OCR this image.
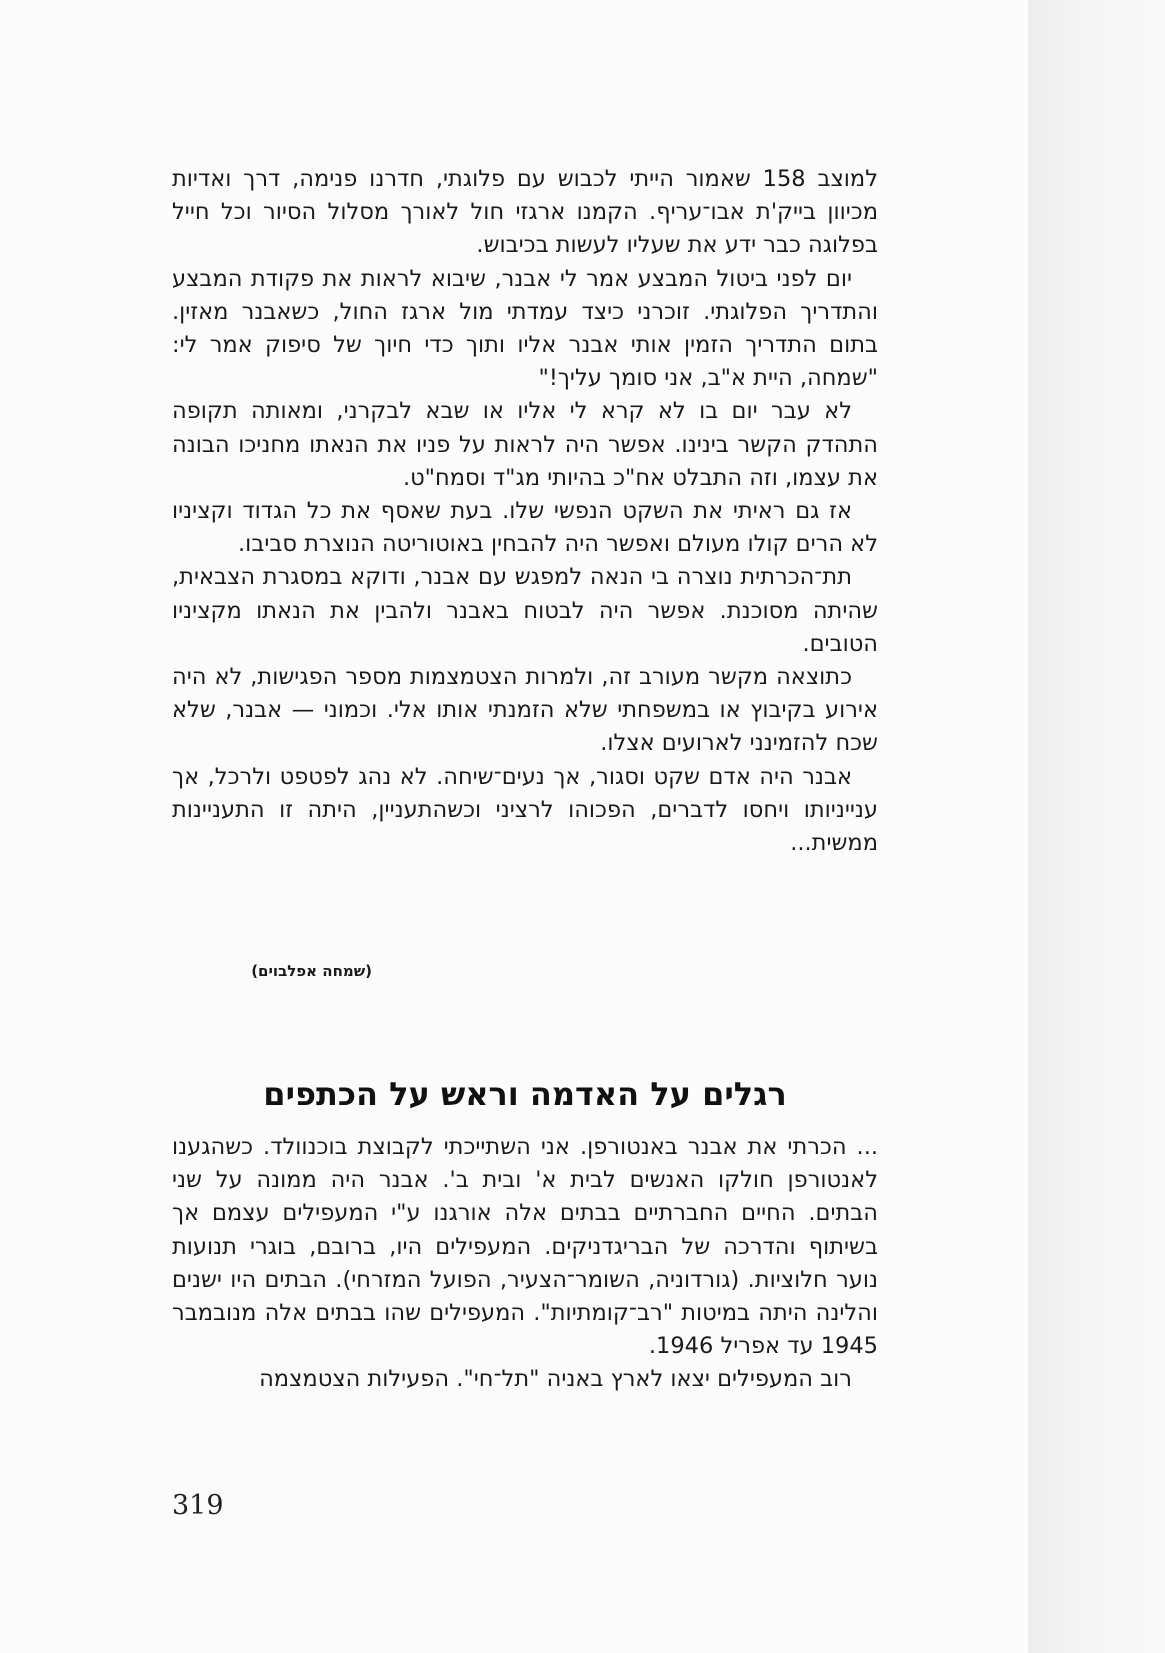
למוצב 158 שאמור הייתי לכבוש עם פלוגתי, חדרנו פנימה, דרך ואדיות מכיוון בייק'ת אבו־עריף. הקמנו ארגזי חול לאורך מסלול הסיור וכל חייל בפלוגה כבר ידע את שעליו לעשות בכיבוש.

יום לפני ביטול המבצע אמר לי אבנר, שיבוא לראות את פקודת המבצע והתדריך הפלוגתי. זוכרני כיצד עמדתי מול ארגז החול, כשאבנר מאזין. בתום התדריך הזמין אותי אבנר אליו ותוך כדי חיוך של סיפוק אמר לי: "שמחה, היית א"ב, אני סומך עליך!"

לא עבר יום בו לא קרא לי אליו או שבא לבקרני, ומאותה תקופה התהדק הקשר בינינו. אפשר היה לראות על פניו את הנאתו מחניכו הבונה את עצמו, וזה התבלט אח"כ בהיותי מג"ד וסמח"ט.

אז גם ראיתי את השקט הנפשי שלו. בעת שאסף את כל הגדוד וקציניו לא הרים קולו מעולם ואפשר היה להבחין באוטוריטה הנוצרת סביבו.

תת־הכרתית נוצרה בי הנאה למפגש עם אבנר, ודוקא במסגרת הצבאית, שהיתה מסוכנת. אפשר היה לבטוח באבנר ולהבין את הנאתו מקציניו הטובים.

כתוצאה מקשר מעורב זה, ולמרות הצטמצמות מספר הפגישות, לא היה אירוע בקיבוץ או במשפחתי שלא הזמנתי אותו אלי. וכמוני — אבנר, שלא שכח להזמינני לארועים אצלו.

אבנר היה אדם שקט וסגור, אך נעים־שיחה. לא נהג לפטפט ולרכל, אך ענייניותו ויחסו לדברים, הפכוהו לרציני וכשהתעניין, היתה זו התעניינות ממשית...

(שמחה אפלבוים)
רגלים על האדמה וראש על הכתפים

... הכרתי את אבנר באנטורפן. אני השתייכתי לקבוצת בוכנוולד. כשהגענו לאנטורפן חולקו האנשים לבית א' ובית ב'. אבנר היה ממונה על שני הבתים. החיים החברתיים בבתים אלה אורגנו ע"י המעפילים עצמם אך בשיתוף והדרכה של הבריגדניקים. המעפילים היו, ברובם, בוגרי תנועות נוער חלוציות. (גורדוניה, השומר־הצעיר, הפועל המזרחי). הבתים היו ישנים והלינה היתה במיטות "רב־קומתיות". המעפילים שהו בבתים אלה מנובמבר 1945 עד אפריל 1946.

רוב המעפילים יצאו לארץ באניה "תל־חי". הפעילות הצטמצמה

319
